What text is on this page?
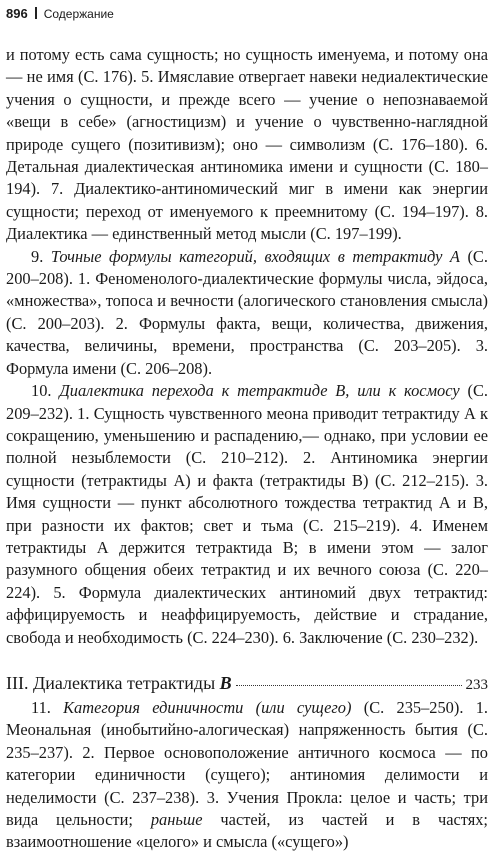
896 Содержание

и потому есть сама сущность; но сущность именуема, и потому она — не имя (С. 176). 5. Имяславие отвергает навеки недиалектические учения о сущности, и прежде всего — учение о непознаваемой «вещи в себе» (агностицизм) и учение о чувственно-наглядной природе сущего (позитивизм); оно — символизм (С. 176–180). 6. Детальная диалектическая антиномика имени и сущности (С. 180–194). 7. Диалектико-антиномический миг в имени как энергии сущности; переход от именуемого к преемнитому (С. 194–197). 8. Диалектика — единственный метод мысли (С. 197–199).

9. Точные формулы категорий, входящих в тетрактиду А (С. 200–208). 1. Феноменолого-диалектические формулы числа, эйдоса, «множества», топоса и вечности (алогического становления смысла) (С. 200–203). 2. Формулы факта, вещи, количества, движения, качества, величины, времени, пространства (С. 203–205). 3. Формула имени (С. 206–208).

10. Диалектика перехода к тетрактиде B, или к космосу (С. 209–232). 1. Сущность чувственного меона приводит тетрактиду А к сокращению, уменьшению и распадению,— однако, при условии ее полной незыблемости (С. 210–212). 2. Антиномика энергии сущности (тетрактиды А) и факта (тетрактиды В) (С. 212–215). 3. Имя сущности — пункт абсолютного тождества тетрактид А и В, при разности их фактов; свет и тьма (С. 215–219). 4. Именем тетрактиды А держится тетрактида В; в имени этом — залог разумного общения обеих тетрактид и их вечного союза (С. 220–224). 5. Формула диалектических антиномий двух тетрактид: аффицируемость и неаффицируемость, действие и страдание, свобода и необходимость (С. 224–230). 6. Заключение (С. 230–232).

III. Диалектика тетрактиды В	233

11. Категория единичности (или сущего) (С. 235–250). 1. Меональная (инобытийно-алогическая) напряженность бытия (С. 235–237). 2. Первое основоположение античного космоса — по категории единичности (сущего); антиномия делимости и неделимости (С. 237–238). 3. Учения Прокла: целое и часть; три вида цельности; раньше частей, из частей и в частях; взаимоотношение «целого» и смысла («сущего»)
